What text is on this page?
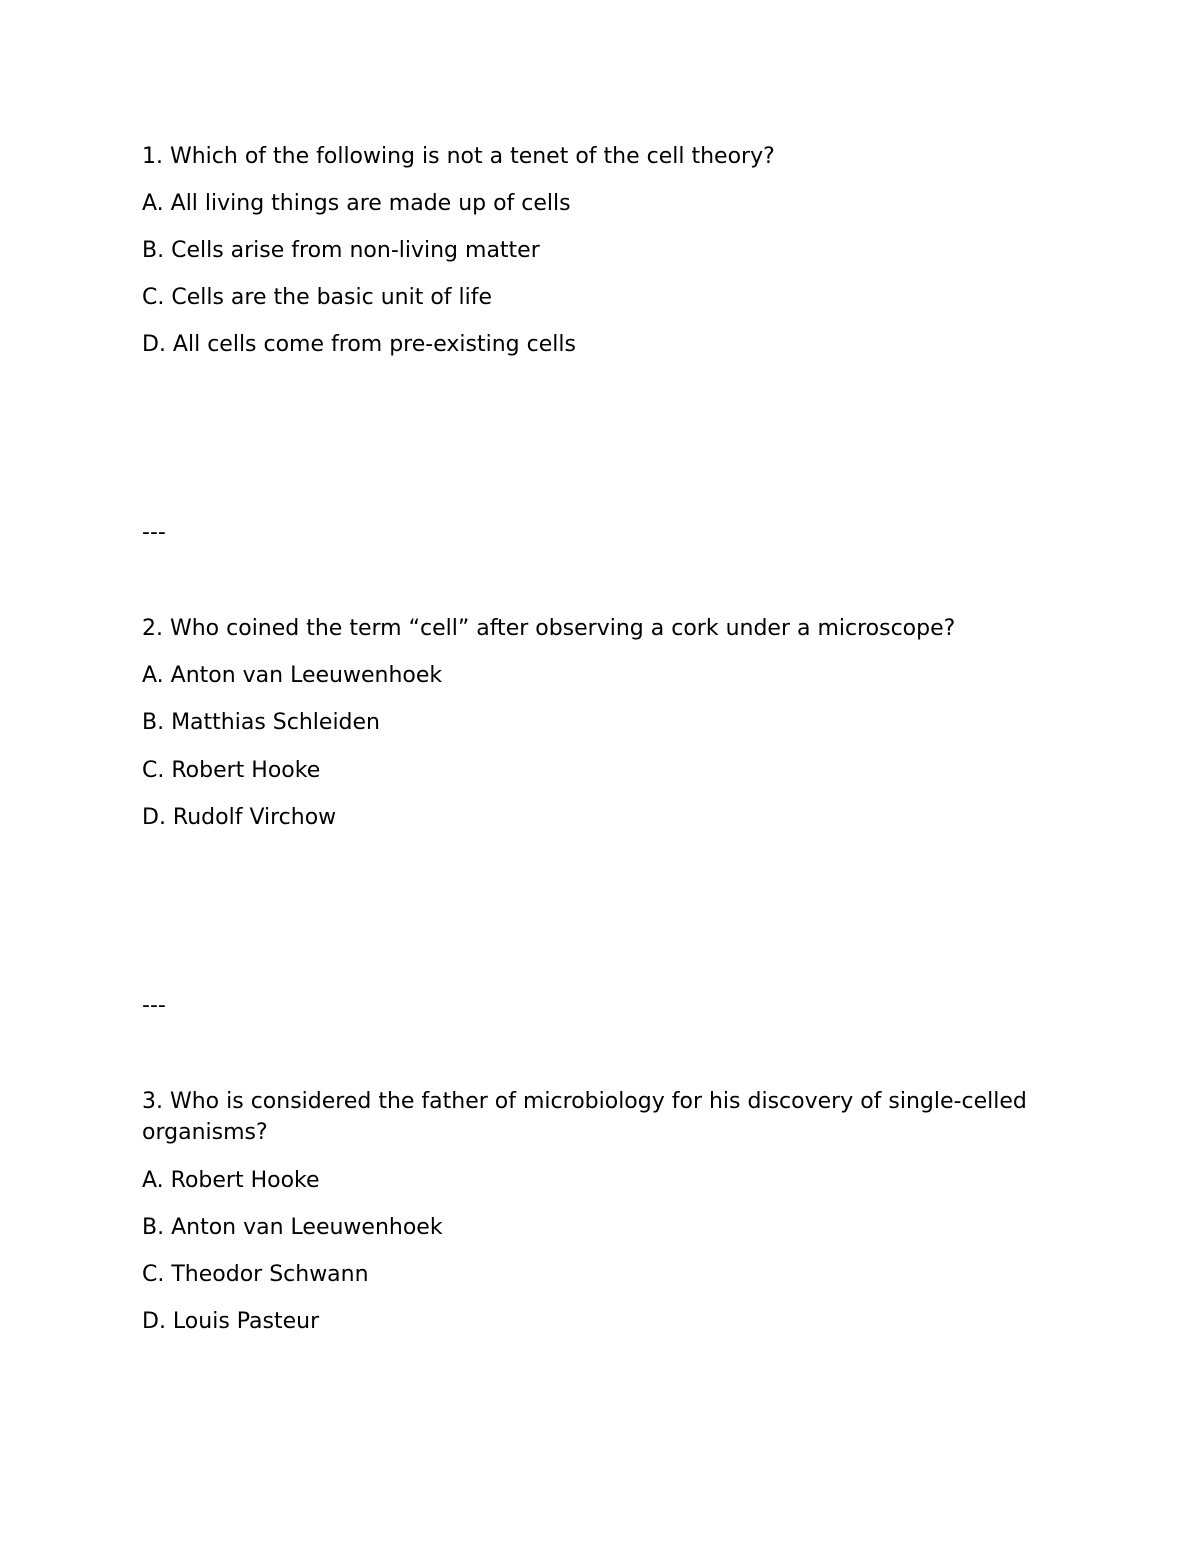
1. Which of the following is not a tenet of the cell theory?
A. All living things are made up of cells
B. Cells arise from non-living matter
C. Cells are the basic unit of life
D. All cells come from pre-existing cells
---
2. Who coined the term “cell” after observing a cork under a microscope?
A. Anton van Leeuwenhoek
B. Matthias Schleiden
C. Robert Hooke
D. Rudolf Virchow
---
3. Who is considered the father of microbiology for his discovery of single-celled organisms?
A. Robert Hooke
B. Anton van Leeuwenhoek
C. Theodor Schwann
D. Louis Pasteur
